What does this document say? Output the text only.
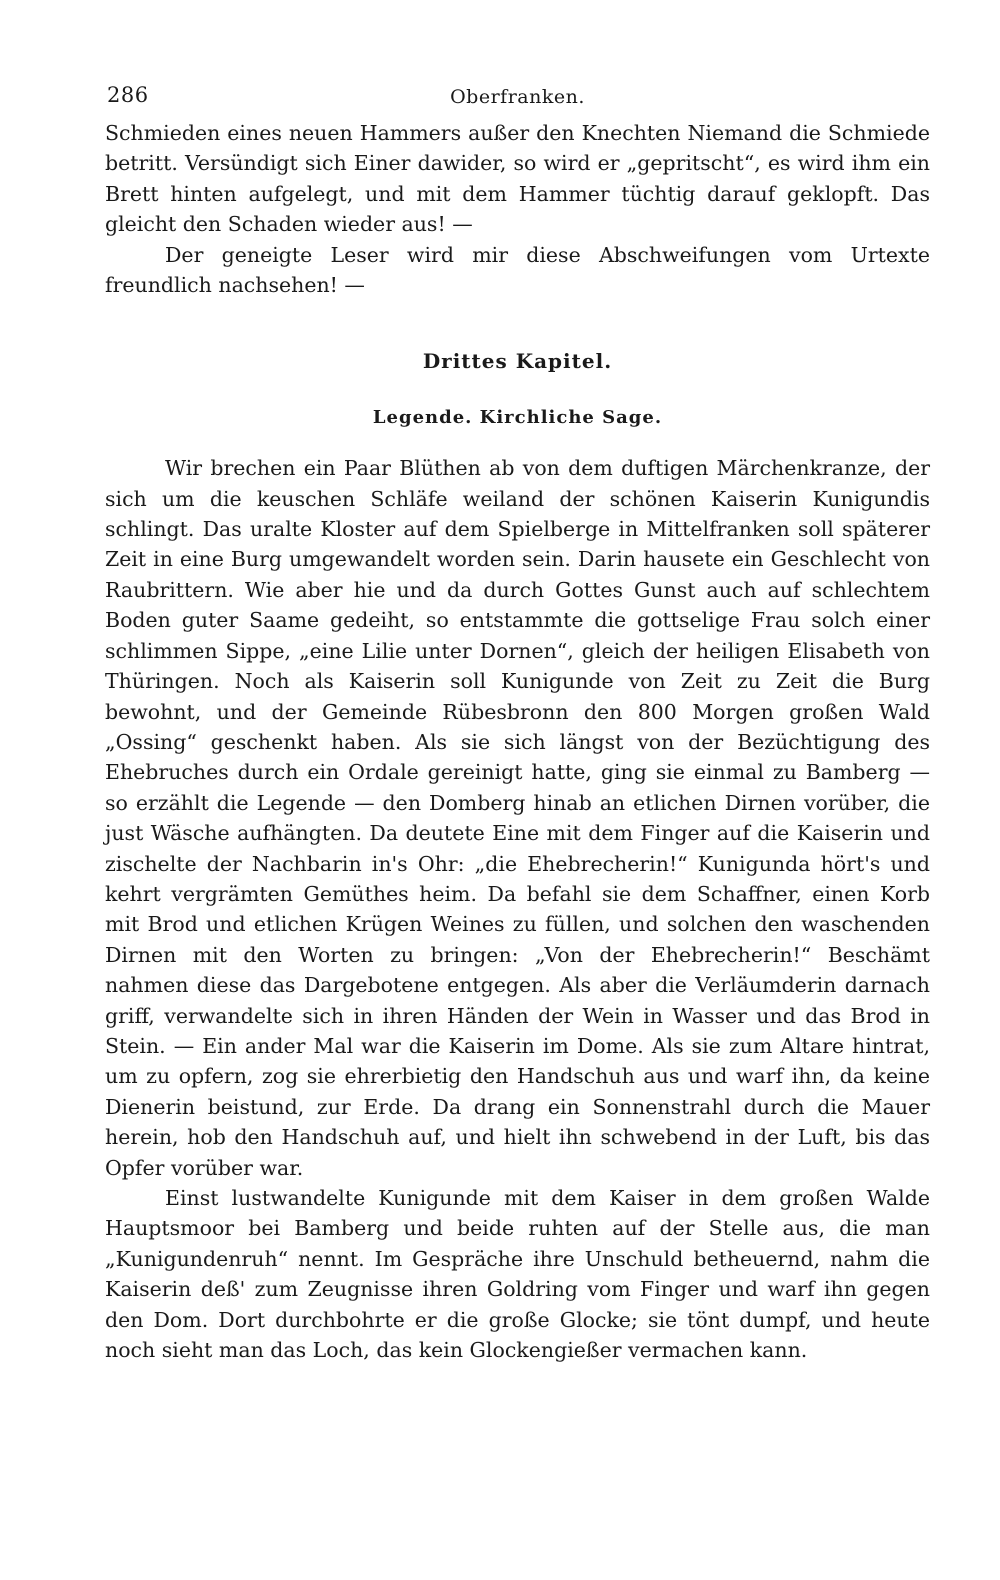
286	Oberfranken.

Schmieden eines neuen Hammers außer den Knechten Niemand die Schmiede betritt. Versündigt sich Einer dawider, so wird er „gepritscht“, es wird ihm ein Brett hinten aufgelegt, und mit dem Hammer tüchtig darauf geklopft. Das gleicht den Schaden wieder aus! —

Der geneigte Leser wird mir diese Abschweifungen vom Urtexte freundlich nachsehen! —

Drittes Kapitel.

Legende. Kirchliche Sage.

Wir brechen ein Paar Blüthen ab von dem duftigen Märchenkranze, der sich um die keuschen Schläfe weiland der schönen Kaiserin Kunigundis schlingt. Das uralte Kloster auf dem Spielberge in Mittelfranken soll späterer Zeit in eine Burg umgewandelt worden sein. Darin hausete ein Geschlecht von Raubrittern. Wie aber hie und da durch Gottes Gunst auch auf schlechtem Boden guter Saame gedeiht, so entstammte die gottselige Frau solch einer schlimmen Sippe, „eine Lilie unter Dornen“, gleich der heiligen Elisabeth von Thüringen. Noch als Kaiserin soll Kunigunde von Zeit zu Zeit die Burg bewohnt, und der Gemeinde Rübesbronn den 800 Morgen großen Wald „Ossing“ geschenkt haben. Als sie sich längst von der Bezüchtigung des Ehebruches durch ein Ordale gereinigt hatte, ging sie einmal zu Bamberg — so erzählt die Legende — den Domberg hinab an etlichen Dirnen vorüber, die just Wäsche aufhängten. Da deutete Eine mit dem Finger auf die Kaiserin und zischelte der Nachbarin in's Ohr: „die Ehebrecherin!“ Kunigunda hört's und kehrt vergrämten Gemüthes heim. Da befahl sie dem Schaffner, einen Korb mit Brod und etlichen Krügen Weines zu füllen, und solchen den waschenden Dirnen mit den Worten zu bringen: „Von der Ehebrecherin!“ Beschämt nahmen diese das Dargebotene entgegen. Als aber die Verläumderin darnach griff, verwandelte sich in ihren Händen der Wein in Wasser und das Brod in Stein. — Ein ander Mal war die Kaiserin im Dome. Als sie zum Altare hintrat, um zu opfern, zog sie ehrerbietig den Handschuh aus und warf ihn, da keine Dienerin beistund, zur Erde. Da drang ein Sonnenstrahl durch die Mauer herein, hob den Handschuh auf, und hielt ihn schwebend in der Luft, bis das Opfer vorüber war.

Einst lustwandelte Kunigunde mit dem Kaiser in dem großen Walde Hauptsmoor bei Bamberg und beide ruhten auf der Stelle aus, die man „Kunigundenruh“ nennt. Im Gespräche ihre Unschuld betheuernd, nahm die Kaiserin deß' zum Zeugnisse ihren Goldring vom Finger und warf ihn gegen den Dom. Dort durchbohrte er die große Glocke; sie tönt dumpf, und heute noch sieht man das Loch, das kein Glockengießer vermachen kann.
